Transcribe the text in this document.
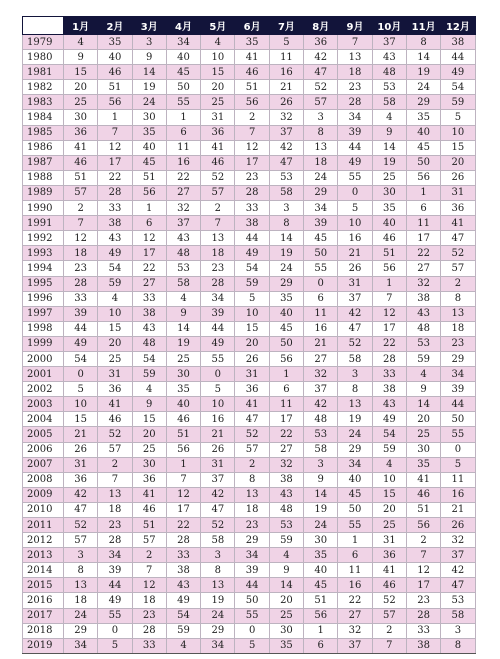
	1月	2月	3月	4月	5月	6月	7月	8月	9月	10月	11月	12月
1979	4	35	3	34	4	35	5	36	7	37	8	38
1980	9	40	9	40	10	41	11	42	13	43	14	44
1981	15	46	14	45	15	46	16	47	18	48	19	49
1982	20	51	19	50	20	51	21	52	23	53	24	54
1983	25	56	24	55	25	56	26	57	28	58	29	59
1984	30	1	30	1	31	2	32	3	34	4	35	5
1985	36	7	35	6	36	7	37	8	39	9	40	10
1986	41	12	40	11	41	12	42	13	44	14	45	15
1987	46	17	45	16	46	17	47	18	49	19	50	20
1988	51	22	51	22	52	23	53	24	55	25	56	26
1989	57	28	56	27	57	28	58	29	0	30	1	31
1990	2	33	1	32	2	33	3	34	5	35	6	36
1991	7	38	6	37	7	38	8	39	10	40	11	41
1992	12	43	12	43	13	44	14	45	16	46	17	47
1993	18	49	17	48	18	49	19	50	21	51	22	52
1994	23	54	22	53	23	54	24	55	26	56	27	57
1995	28	59	27	58	28	59	29	0	31	1	32	2
1996	33	4	33	4	34	5	35	6	37	7	38	8
1997	39	10	38	9	39	10	40	11	42	12	43	13
1998	44	15	43	14	44	15	45	16	47	17	48	18
1999	49	20	48	19	49	20	50	21	52	22	53	23
2000	54	25	54	25	55	26	56	27	58	28	59	29
2001	0	31	59	30	0	31	1	32	3	33	4	34
2002	5	36	4	35	5	36	6	37	8	38	9	39
2003	10	41	9	40	10	41	11	42	13	43	14	44
2004	15	46	15	46	16	47	17	48	19	49	20	50
2005	21	52	20	51	21	52	22	53	24	54	25	55
2006	26	57	25	56	26	57	27	58	29	59	30	0
2007	31	2	30	1	31	2	32	3	34	4	35	5
2008	36	7	36	7	37	8	38	9	40	10	41	11
2009	42	13	41	12	42	13	43	14	45	15	46	16
2010	47	18	46	17	47	18	48	19	50	20	51	21
2011	52	23	51	22	52	23	53	24	55	25	56	26
2012	57	28	57	28	58	29	59	30	1	31	2	32
2013	3	34	2	33	3	34	4	35	6	36	7	37
2014	8	39	7	38	8	39	9	40	11	41	12	42
2015	13	44	12	43	13	44	14	45	16	46	17	47
2016	18	49	18	49	19	50	20	51	22	52	23	53
2017	24	55	23	54	24	55	25	56	27	57	28	58
2018	29	0	28	59	29	0	30	1	32	2	33	3
2019	34	5	33	4	34	5	35	6	37	7	38	8
